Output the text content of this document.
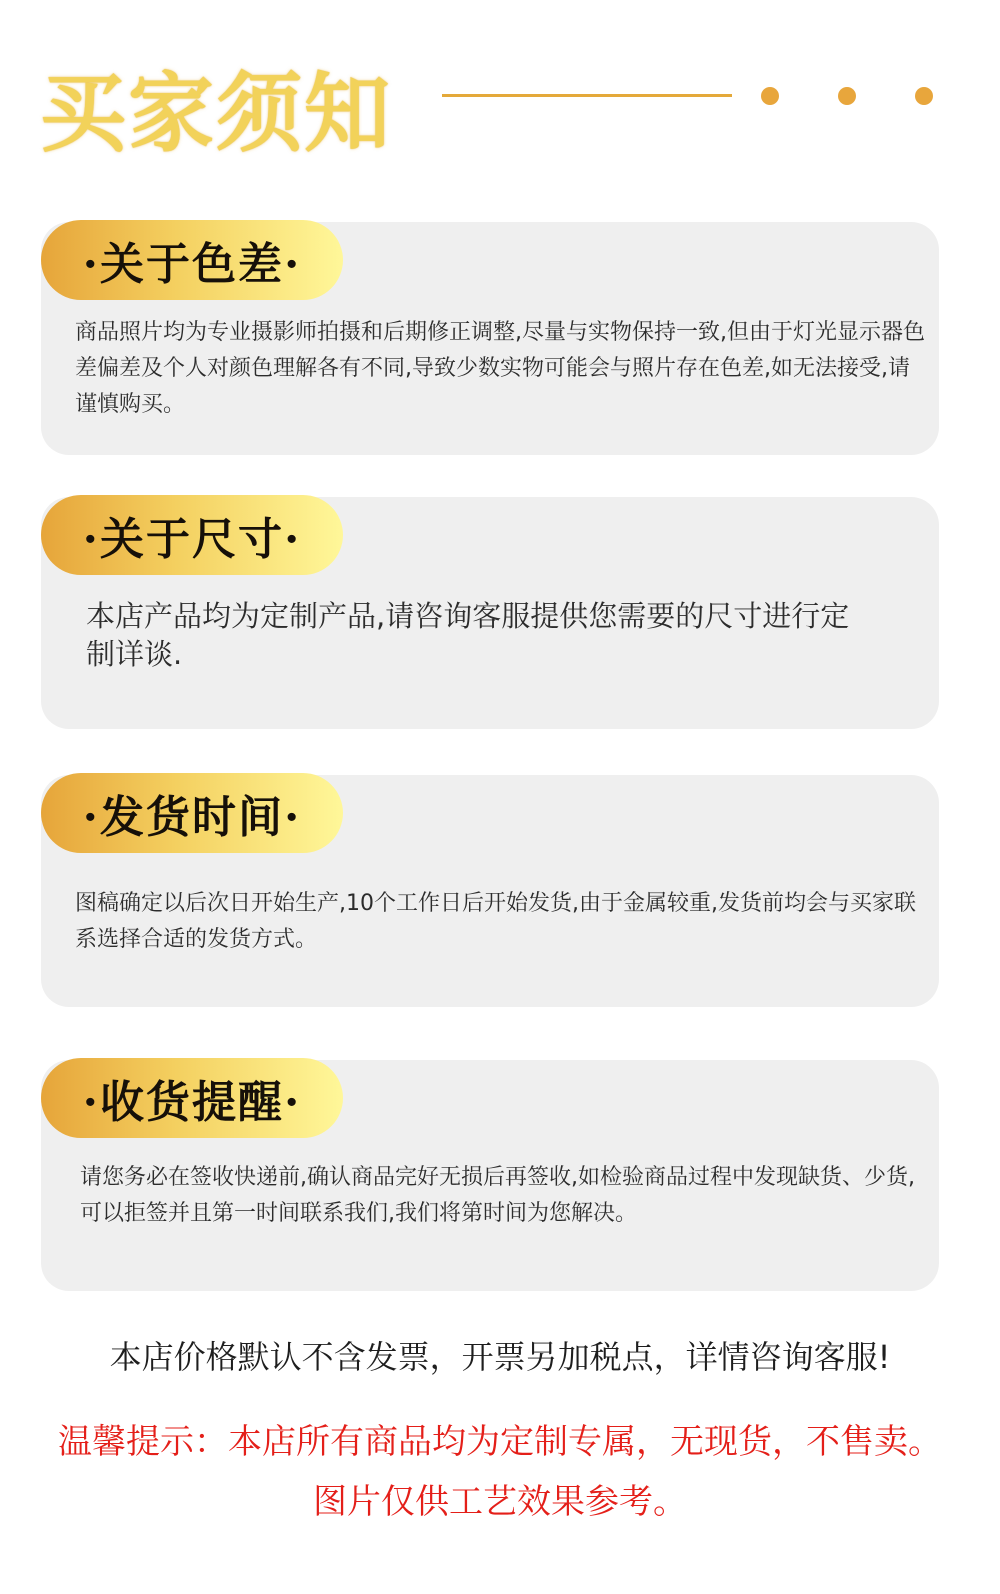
买家须知
·关于色差·
商品照片均为专业摄影师拍摄和后期修正调整,尽量与实物保持一致,但由于灯光显示器色差偏差及个人对颜色理解各有不同,导致少数实物可能会与照片存在色差,如无法接受,请谨慎购买。
·关于尺寸·
本店产品均为定制产品,请咨询客服提供您需要的尺寸进行定制详谈.
·发货时间·
图稿确定以后次日开始生产,10个工作日后开始发货,由于金属较重,发货前均会与买家联系选择合适的发货方式。
·收货提醒·
请您务必在签收快递前,确认商品完好无损后再签收,如检验商品过程中发现缺货、少货,可以拒签并且第一时间联系我们,我们将第时间为您解决。
本店价格默认不含发票，开票另加税点，详情咨询客服!
温馨提示：本店所有商品均为定制专属，无现货，不售卖。
图片仅供工艺效果参考。
